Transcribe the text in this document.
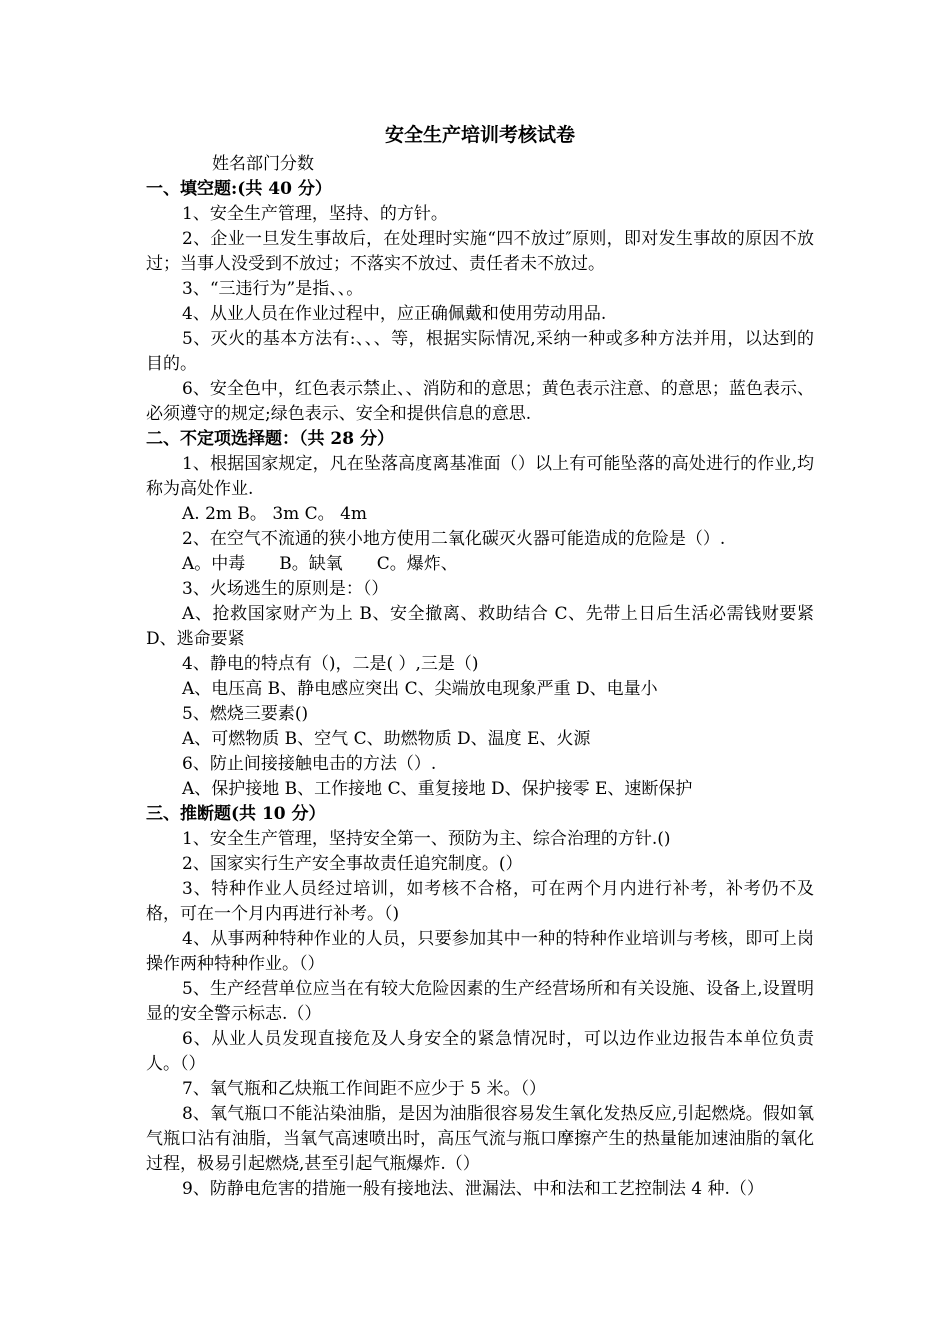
安全生产培训考核试卷
姓名部门分数
一、填空题:(共 40 分）
1、安全生产管理，坚持、的方针。

2、企业一旦发生事故后，在处理时实施“四不放过″原则，即对发生事故的原因不放过；当事人没受到不放过；不落实不放过、责任者未不放过。

3、“三违行为”是指、、。
4、从业人员在作业过程中，应正确佩戴和使用劳动用品.

5、灭火的基本方法有:、、、等，根据实际情况,采纳一种或多种方法并用，以达到的目的。

6、安全色中，红色表示禁止、、消防和的意思；黄色表示注意、的意思；蓝色表示、必须遵守的规定;绿色表示、安全和提供信息的意思.

二、不定项选择题：（共 28 分）

1、根据国家规定，凡在坠落高度离基准面（）以上有可能坠落的高处进行的作业,均称为高处作业.

A. 2m B。 3m C。 4m
2、在空气不流通的狭小地方使用二氧化碳灭火器可能造成的危险是（）.
A。中毒　　B。缺氧　　C。爆炸、
3、火场逃生的原则是：（）

A、抢救国家财产为上 B、安全撤离、救助结合 C、先带上日后生活必需钱财要紧 D、逃命要紧

4、静电的特点有（)，二是( ）,三是（)
A、电压高 B、静电感应突出 C、尖端放电现象严重 D、电量小
5、燃烧三要素()
A、可燃物质 B、空气 C、助燃物质 D、温度 E、火源
6、防止间接接触电击的方法（）.
A、保护接地 B、工作接地 C、重复接地 D、保护接零 E、速断保护
三、推断题(共 10 分）
1、安全生产管理，坚持安全第一、预防为主、综合治理的方针.()
2、国家实行生产安全事故责任追究制度。(）

3、特种作业人员经过培训，如考核不合格，可在两个月内进行补考，补考仍不及格，可在一个月内再进行补考。（)

4、从事两种特种作业的人员，只要参加其中一种的特种作业培训与考核，即可上岗操作两种特种作业。（）

5、生产经营单位应当在有较大危险因素的生产经营场所和有关设施、设备上,设置明显的安全警示标志.（）

6、从业人员发现直接危及人身安全的紧急情况时，可以边作业边报告本单位负责人。（）

7、氧气瓶和乙炔瓶工作间距不应少于 5 米。（）

8、氧气瓶口不能沾染油脂，是因为油脂很容易发生氧化发热反应,引起燃烧。假如氧气瓶口沾有油脂，当氧气高速喷出时，高压气流与瓶口摩擦产生的热量能加速油脂的氧化过程，极易引起燃烧,甚至引起气瓶爆炸.（）

9、防静电危害的措施一般有接地法、泄漏法、中和法和工艺控制法 4 种.（）
